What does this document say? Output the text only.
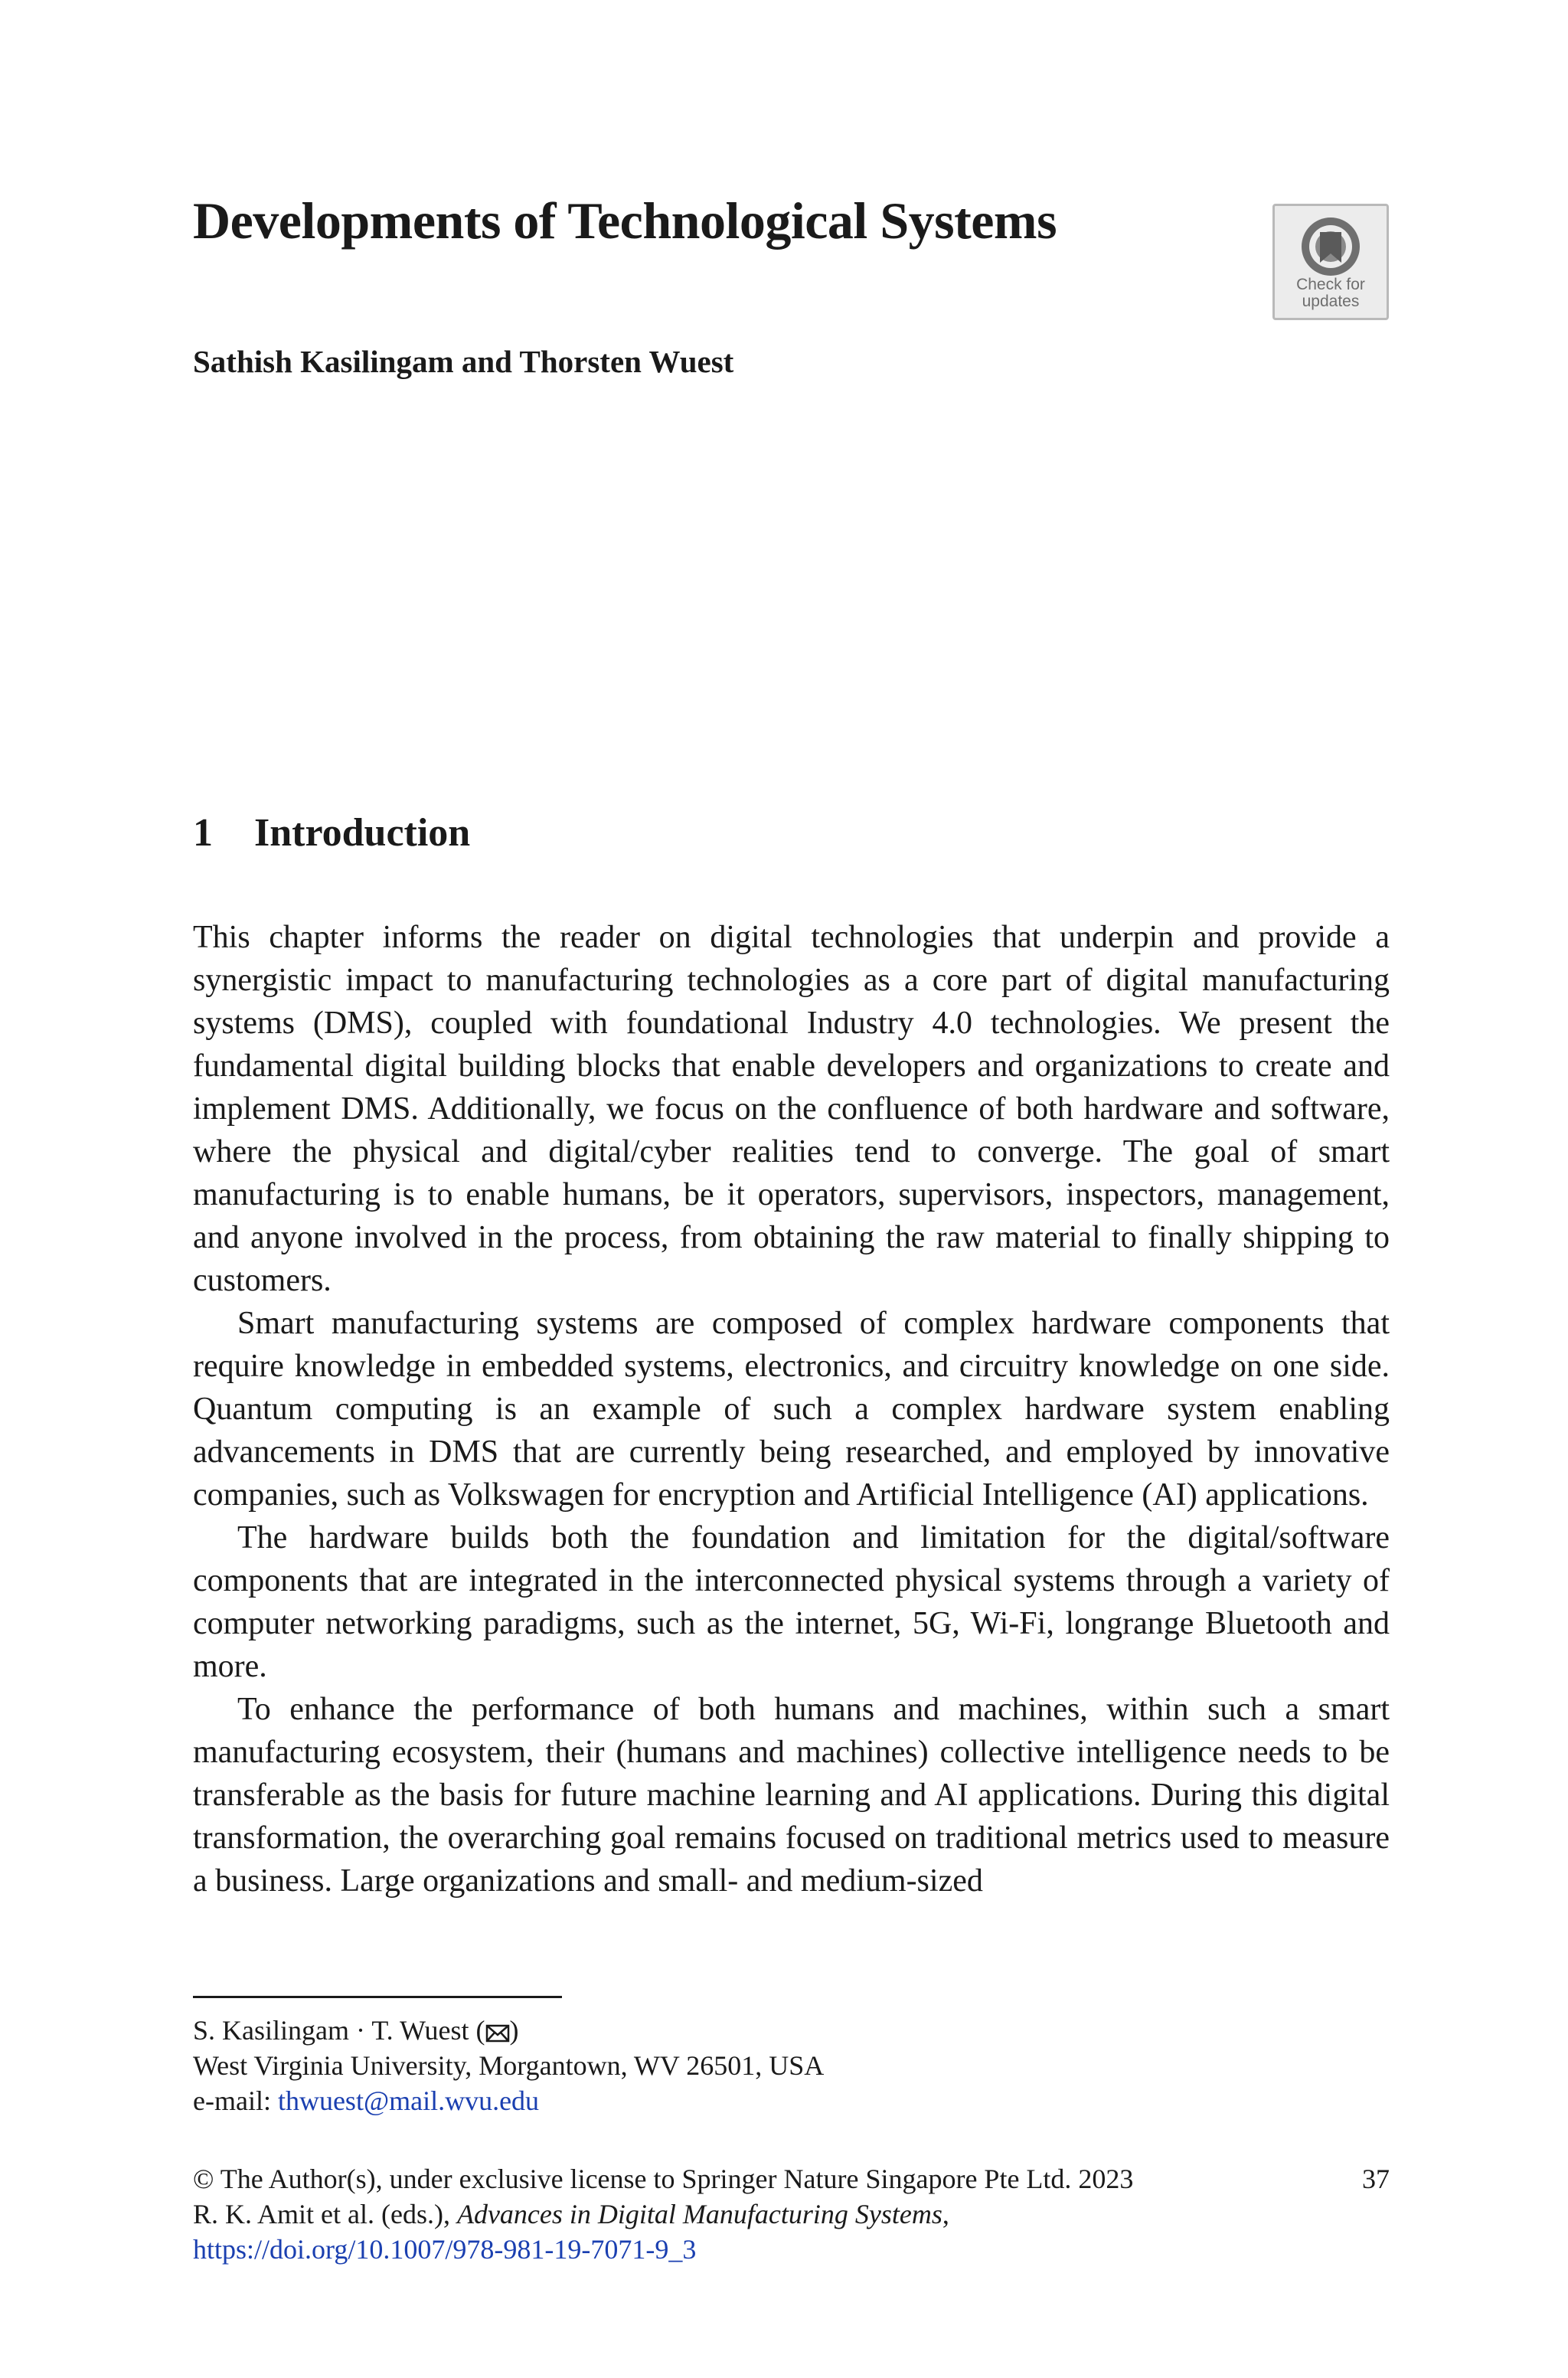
Developments of Technological Systems
Check for
updates

Sathish Kasilingam and Thorsten Wuest

1 Introduction

This chapter informs the reader on digital technologies that underpin and provide a synergistic impact to manufacturing technologies as a core part of digital manufacturing systems (DMS), coupled with foundational Industry 4.0 technologies. We present the fundamental digital building blocks that enable developers and organizations to create and implement DMS. Additionally, we focus on the confluence of both hardware and software, where the physical and digital/cyber realities tend to converge. The goal of smart manufacturing is to enable humans, be it operators, supervisors, inspectors, management, and anyone involved in the process, from obtaining the raw material to finally shipping to customers.

Smart manufacturing systems are composed of complex hardware components that require knowledge in embedded systems, electronics, and circuitry knowledge on one side. Quantum computing is an example of such a complex hardware system enabling advancements in DMS that are currently being researched, and employed by innovative companies, such as Volkswagen for encryption and Artificial Intelligence (AI) applications.

The hardware builds both the foundation and limitation for the digital/software components that are integrated in the interconnected physical systems through a variety of computer networking paradigms, such as the internet, 5G, Wi-Fi, longrange Bluetooth and more.

To enhance the performance of both humans and machines, within such a smart manufacturing ecosystem, their (humans and machines) collective intelligence needs to be transferable as the basis for future machine learning and AI applications. During this digital transformation, the overarching goal remains focused on traditional metrics used to measure a business. Large organizations and small- and medium-sized

S. Kasilingam · T. Wuest ( )
West Virginia University, Morgantown, WV 26501, USA
e-mail: thwuest@mail.wvu.edu
© The Author(s), under exclusive license to Springer Nature Singapore Pte Ltd. 2023	37
R. K. Amit et al. (eds.), Advances in Digital Manufacturing Systems,
https://doi.org/10.1007/978-981-19-7071-9_3
